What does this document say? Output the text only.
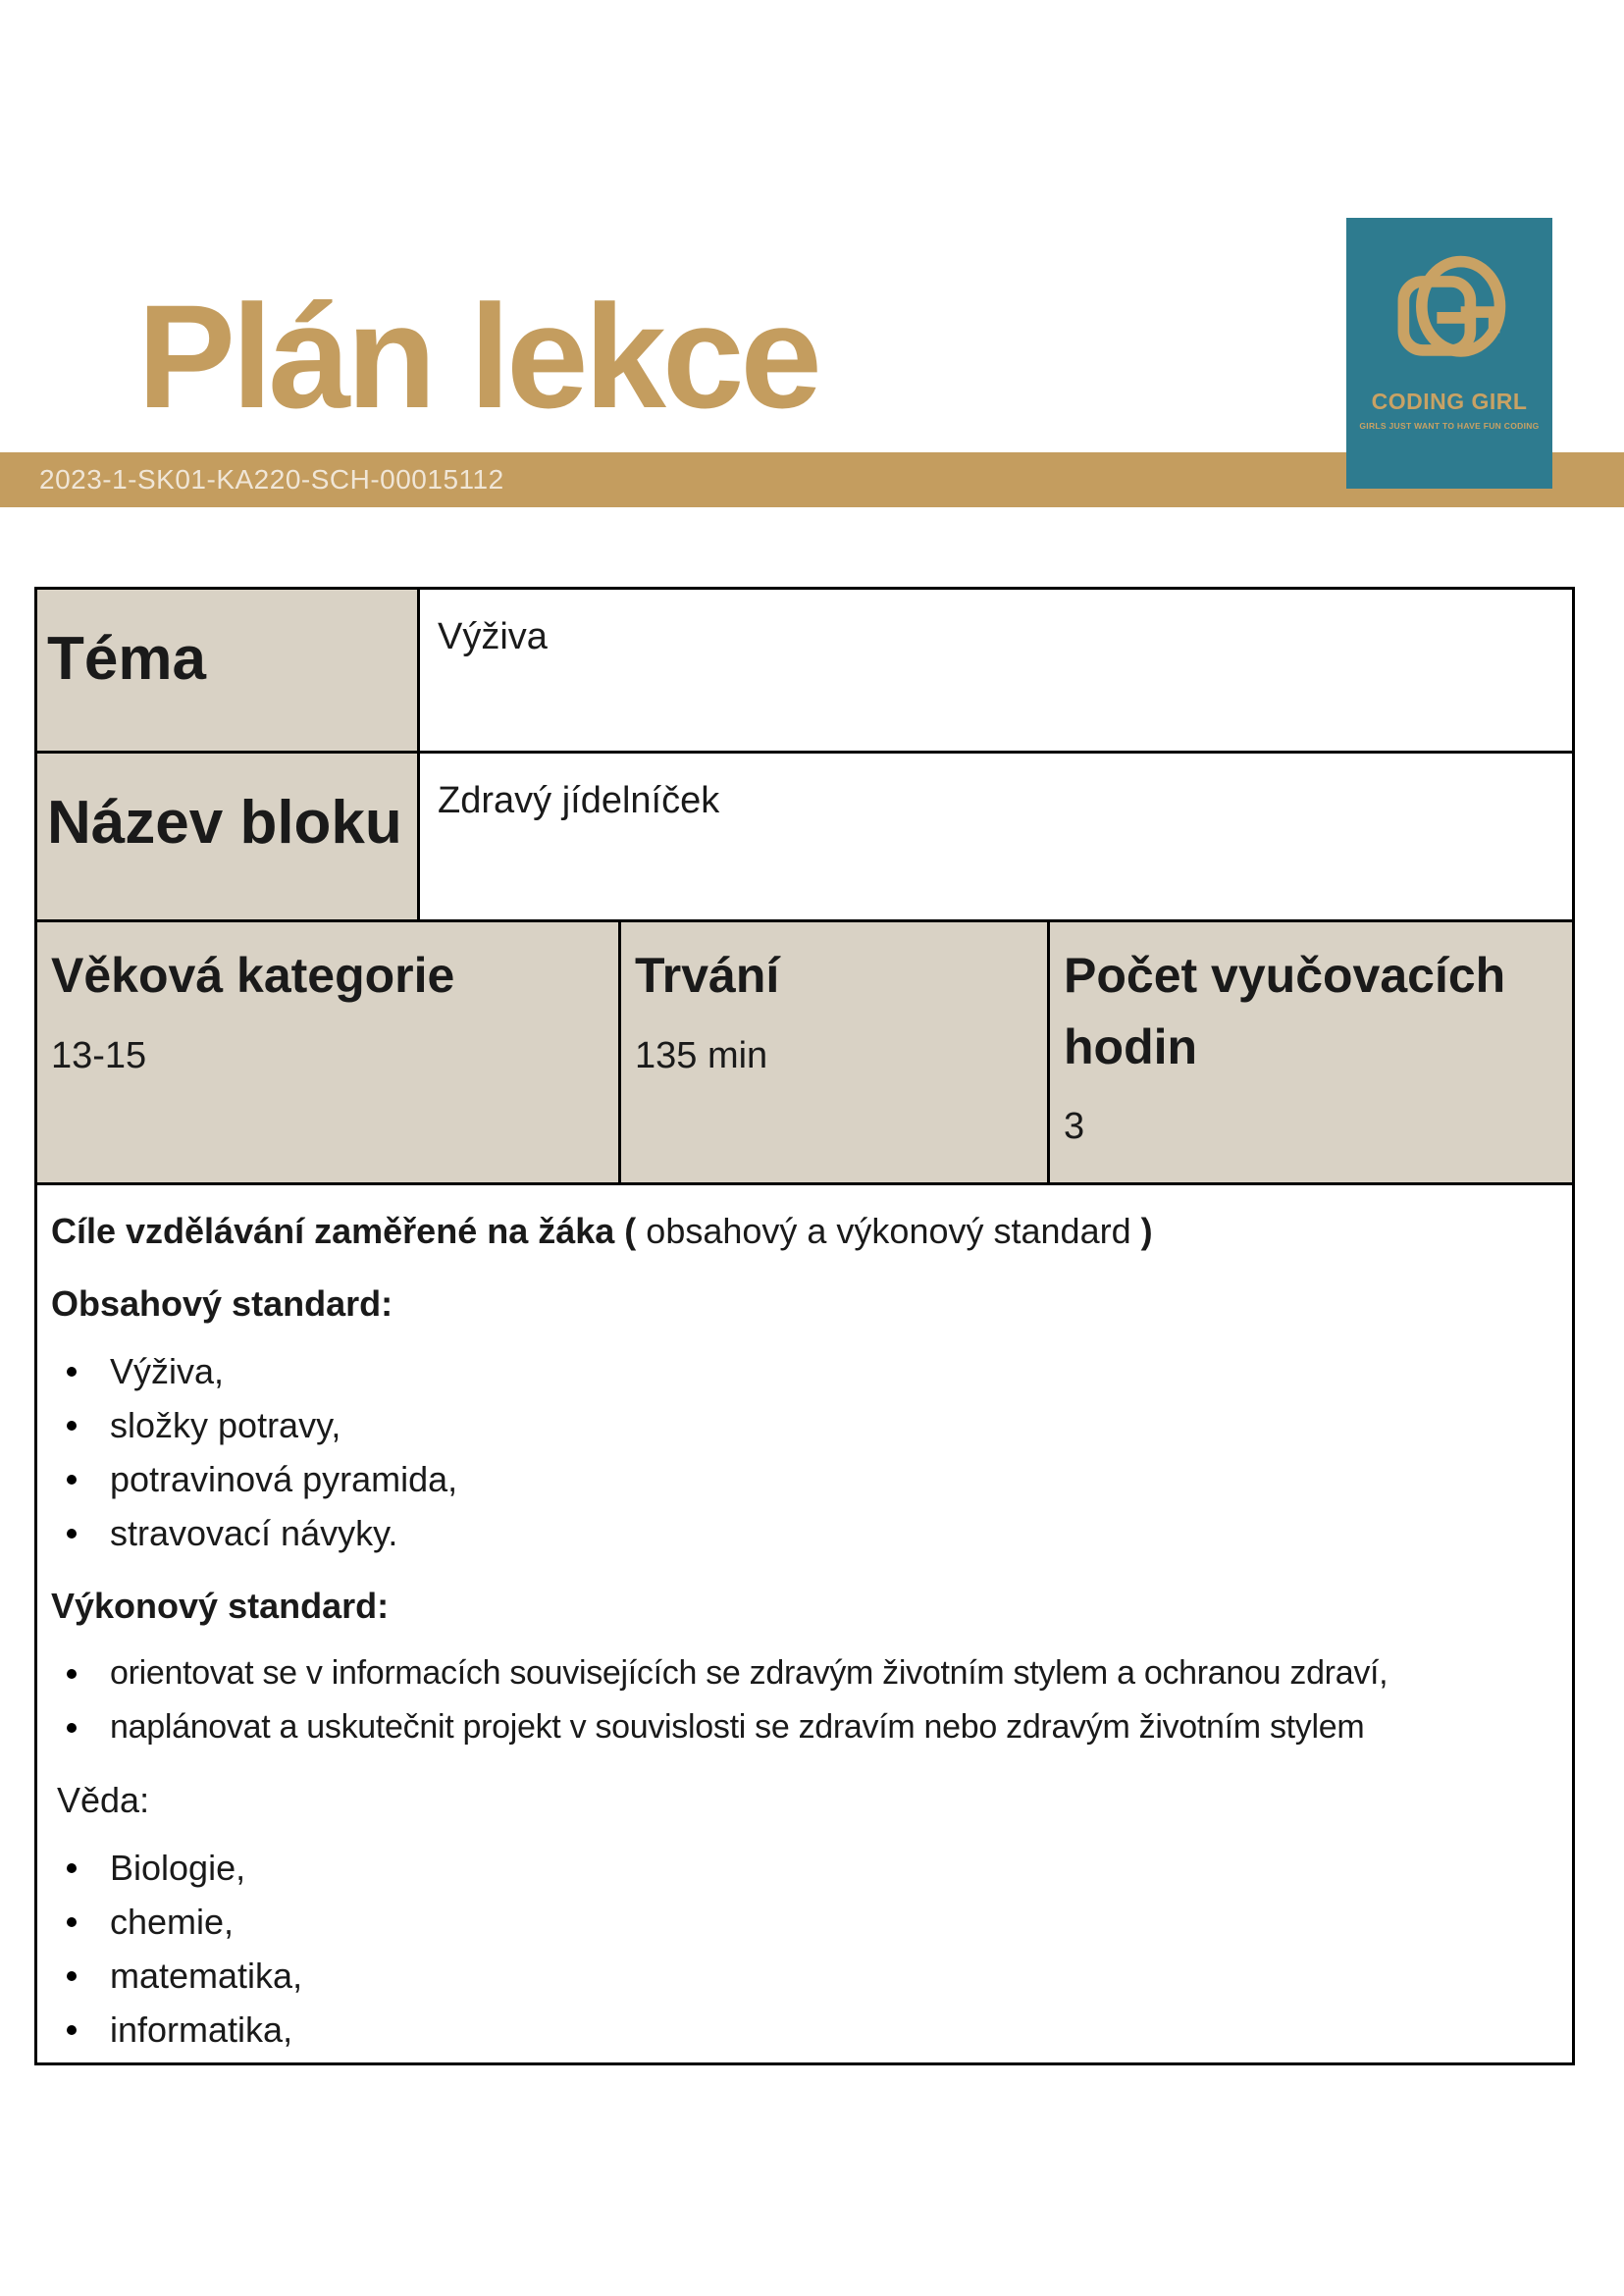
Plán lekce
2023-1-SK01-KA220-SCH-00015112
CODING GIRL
GIRLS JUST WANT TO HAVE FUN CODING
Téma	Výživa
Název bloku Zdravý jídelníček
Věková kategorie
13-15
Trvání
135 min
Počet vyučovacích hodin
3

Cíle vzdělávání zaměřené na žáka ( obsahový a výkonový standard )

Obsahový standard:
Výživa,
složky potravy,
potravinová pyramida,
stravovací návyky.
Výkonový standard:
orientovat se v informacích souvisejících se zdravým životním stylem a ochranou zdraví,
naplánovat a uskutečnit projekt v souvislosti se zdravím nebo zdravým životním stylem
Věda:
Biologie,
chemie,
matematika,
informatika,
